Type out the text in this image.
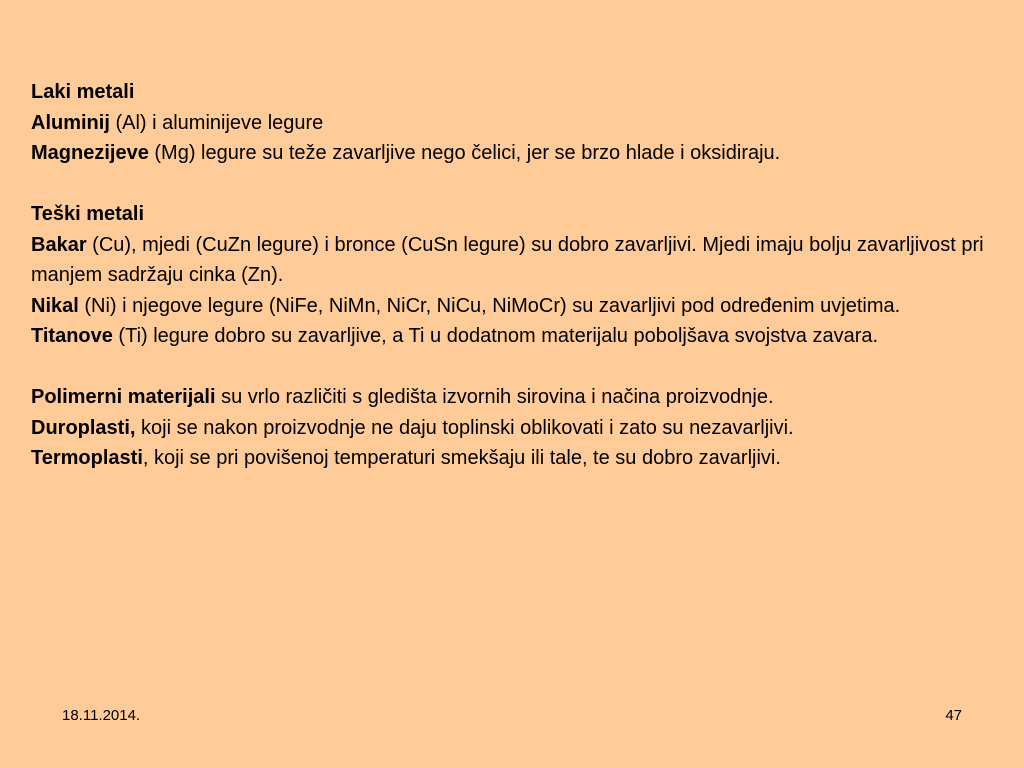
Laki metali

Aluminij (Al) i aluminijeve legure

Magnezijeve (Mg) legure su teže zavarljive nego čelici, jer se brzo hlade i oksidiraju.

Teški metali

Bakar (Cu), mjedi (CuZn legure) i bronce (CuSn legure) su dobro zavarljivi. Mjedi imaju bolju zavarljivost pri manjem sadržaju cinka (Zn).

Nikal (Ni) i njegove legure (NiFe, NiMn, NiCr, NiCu, NiMoCr) su zavarljivi pod određenim uvjetima.

Titanove (Ti) legure dobro su zavarljive, a Ti u dodatnom materijalu poboljšava svojstva zavara.

Polimerni materijali su vrlo različiti s gledišta izvornih sirovina i načina proizvodnje.

Duroplasti, koji se nakon proizvodnje ne daju toplinski oblikovati i zato su nezavarljivi.

Termoplasti, koji se pri povišenoj temperaturi smekšaju ili tale, te su dobro zavarljivi.

18.11.2014.	47
